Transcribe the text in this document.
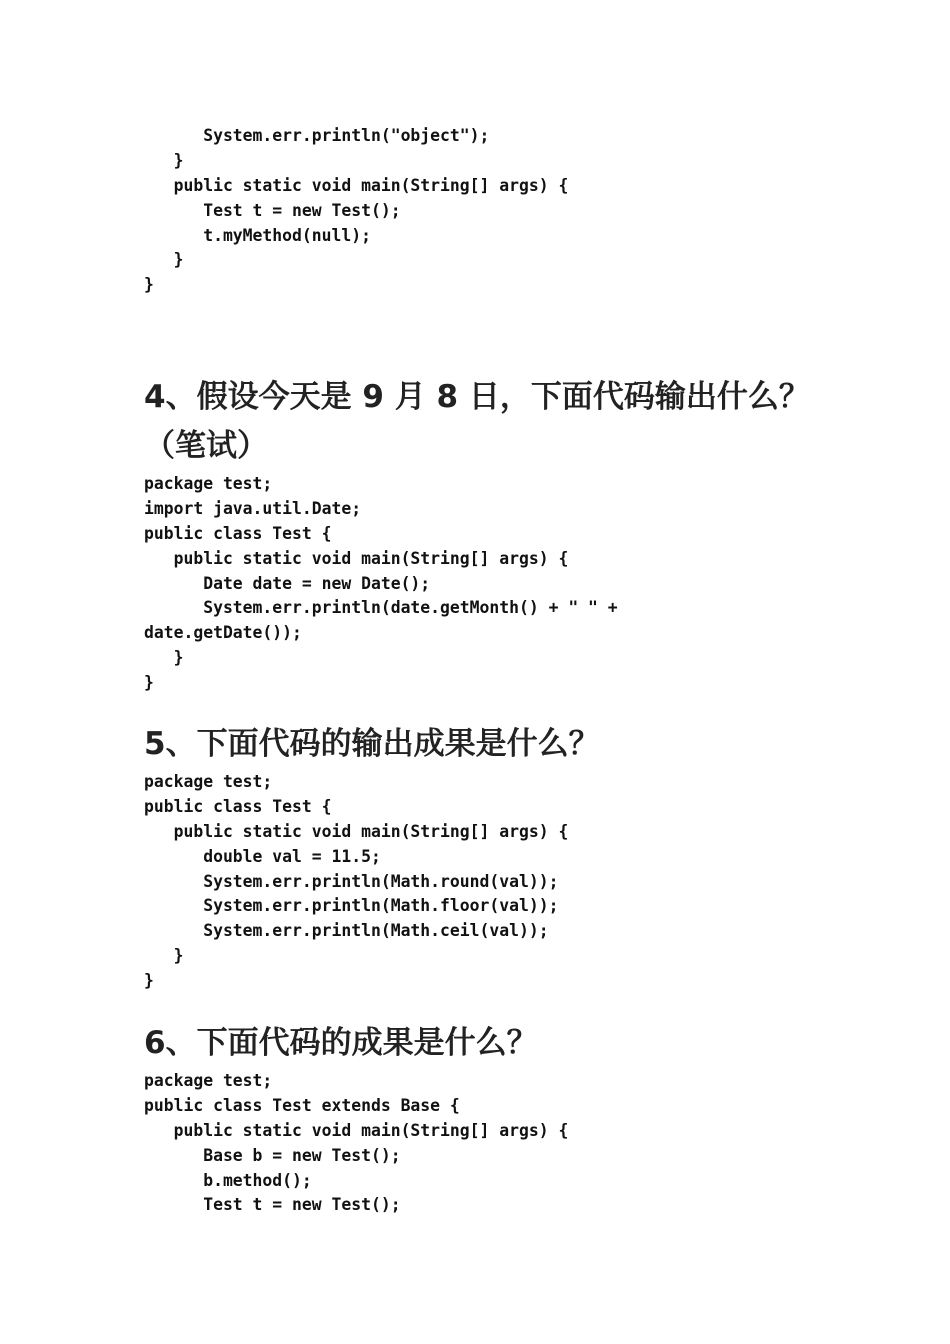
System.err.println("object");
}
public static void main(String[] args) {
Test t = new Test();
t.myMethod(null);
}
}
4、假设今天是 9 月 8 日，下面代码输出什么？
（笔试）
package test;
import java.util.Date;
public class Test {
public static void main(String[] args) {
Date date = new Date();
System.err.println(date.getMonth() + " " +
date.getDate());
}
}
5、下面代码的输出成果是什么？
package test;
public class Test {
public static void main(String[] args) {
double val = 11.5;
System.err.println(Math.round(val));
System.err.println(Math.floor(val));
System.err.println(Math.ceil(val));
}
}
6、下面代码的成果是什么？
package test;
public class Test extends Base {
public static void main(String[] args) {
Base b = new Test();
b.method();
Test t = new Test();
